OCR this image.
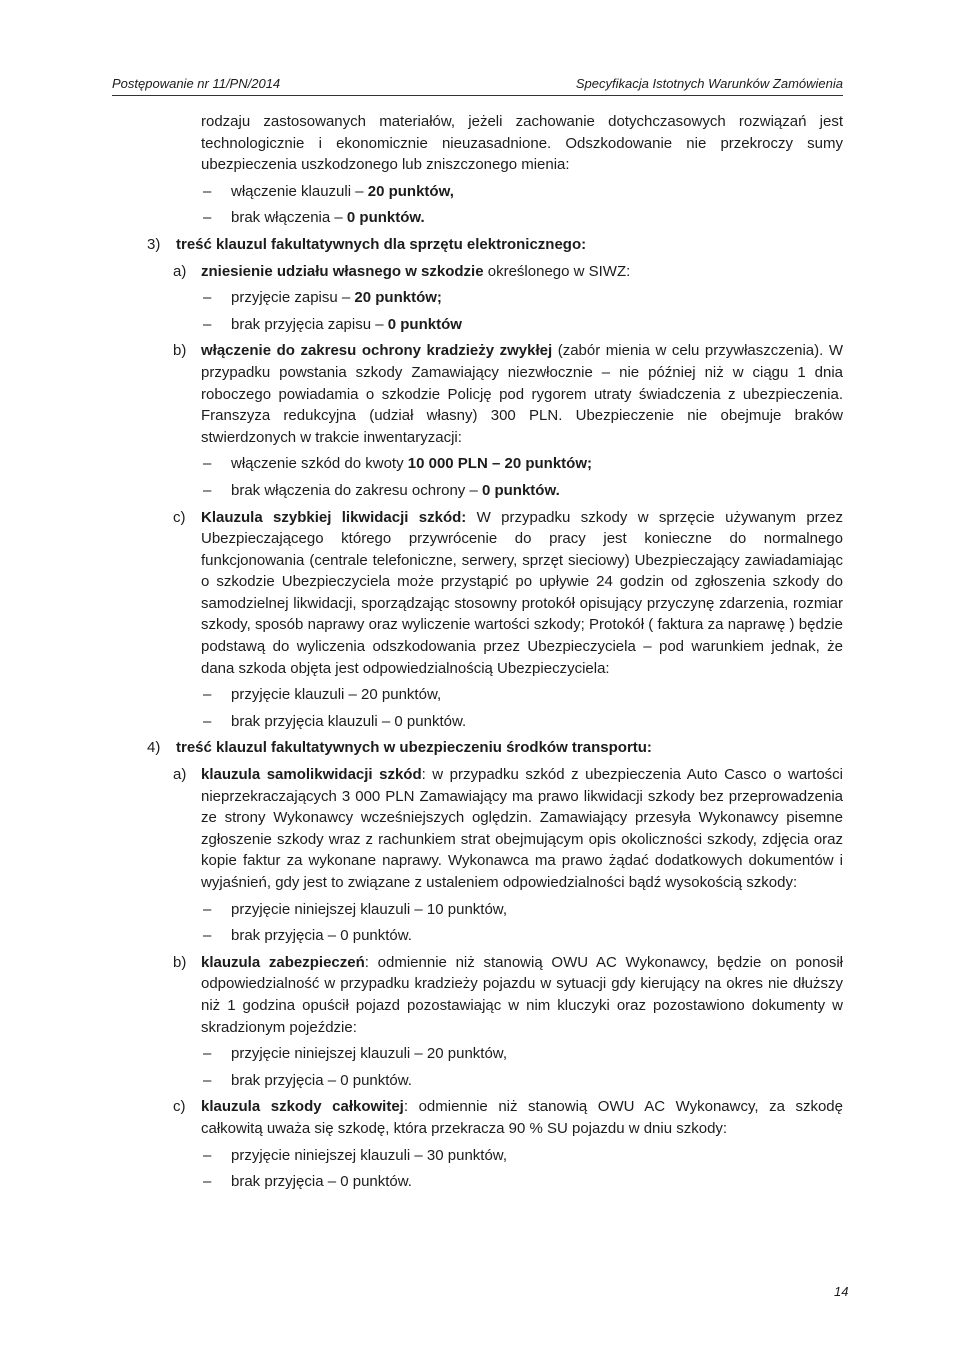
Postępowanie nr 11/PN/2014	Specyfikacja Istotnych Warunków Zamówienia
rodzaju zastosowanych materiałów, jeżeli zachowanie dotychczasowych rozwiązań jest technologicznie i ekonomicznie nieuzasadnione. Odszkodowanie nie przekroczy sumy ubezpieczenia uszkodzonego lub zniszczonego mienia:
– włączenie klauzuli – 20 punktów,
– brak włączenia – 0 punktów.
3) treść klauzul fakultatywnych dla sprzętu elektronicznego:
a) zniesienie udziału własnego w szkodzie określonego w SIWZ:
– przyjęcie zapisu – 20 punktów;
– brak przyjęcia zapisu – 0 punktów
b) włączenie do zakresu ochrony kradzieży zwykłej (zabór mienia w celu przywłaszczenia). W przypadku powstania szkody Zamawiający niezwłocznie – nie później niż w ciągu 1 dnia roboczego powiadamia o szkodzie Policję pod rygorem utraty świadczenia z ubezpieczenia. Franszyza redukcyjna (udział własny) 300 PLN. Ubezpieczenie nie obejmuje braków stwierdzonych w trakcie inwentaryzacji:
– włączenie szkód do kwoty 10 000 PLN – 20 punktów;
– brak włączenia do zakresu ochrony – 0 punktów.
c) Klauzula szybkiej likwidacji szkód: W przypadku szkody w sprzęcie używanym przez Ubezpieczającego którego przywrócenie do pracy jest konieczne do normalnego funkcjonowania (centrale telefoniczne, serwery, sprzęt sieciowy) Ubezpieczający zawiadamiając o szkodzie Ubezpieczyciela może przystąpić po upływie 24 godzin od zgłoszenia szkody do samodzielnej likwidacji, sporządzając stosowny protokół opisujący przyczynę zdarzenia, rozmiar szkody, sposób naprawy oraz wyliczenie wartości szkody; Protokół ( faktura za naprawę ) będzie podstawą do wyliczenia odszkodowania przez Ubezpieczyciela – pod warunkiem jednak, że dana szkoda objęta jest odpowiedzialnością Ubezpieczyciela:
– przyjęcie klauzuli – 20 punktów,
– brak przyjęcia klauzuli – 0 punktów.
4) treść klauzul fakultatywnych w ubezpieczeniu środków transportu:
a) klauzula samolikwidacji szkód: w przypadku szkód z ubezpieczenia Auto Casco o wartości nieprzekraczających 3 000 PLN Zamawiający ma prawo likwidacji szkody bez przeprowadzenia ze strony Wykonawcy wcześniejszych oględzin. Zamawiający przesyła Wykonawcy pisemne zgłoszenie szkody wraz z rachunkiem strat obejmującym opis okoliczności szkody, zdjęcia oraz kopie faktur za wykonane naprawy. Wykonawca ma prawo żądać dodatkowych dokumentów i wyjaśnień, gdy jest to związane z ustaleniem odpowiedzialności bądź wysokością szkody:
– przyjęcie niniejszej klauzuli – 10 punktów,
– brak przyjęcia – 0 punktów.
b) klauzula zabezpieczeń: odmiennie niż stanowią OWU AC Wykonawcy, będzie on ponosił odpowiedzialność w przypadku kradzieży pojazdu w sytuacji gdy kierujący na okres nie dłuższy niż 1 godzina opuścił pojazd pozostawiając w nim kluczyki oraz pozostawiono dokumenty w skradzionym pojeździe:
– przyjęcie niniejszej klauzuli – 20 punktów,
– brak przyjęcia – 0 punktów.
c) klauzula szkody całkowitej: odmiennie niż stanowią OWU AC Wykonawcy, za szkodę całkowitą uważa się szkodę, która przekracza 90 % SU pojazdu w dniu szkody:
– przyjęcie niniejszej klauzuli – 30 punktów,
– brak przyjęcia – 0 punktów.
14
